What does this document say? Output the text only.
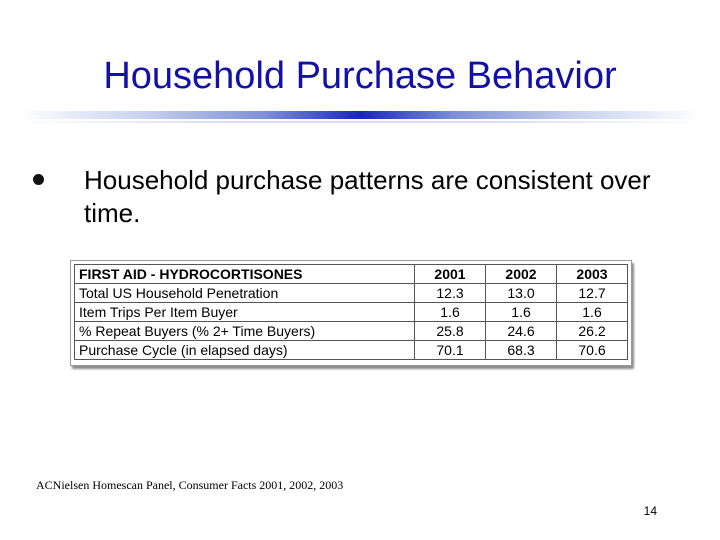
Household Purchase Behavior
Household purchase patterns are consistent over time.
FIRST AID - HYDROCORTISONES	2001	2002	2003
Total US Household Penetration	12.3	13.0	12.7
Item Trips Per Item Buyer	1.6	1.6	1.6
% Repeat Buyers (% 2+ Time Buyers)	25.8	24.6	26.2
Purchase Cycle (in elapsed days)	70.1	68.3	70.6
ACNielsen Homescan Panel, Consumer Facts 2001, 2002, 2003
14
